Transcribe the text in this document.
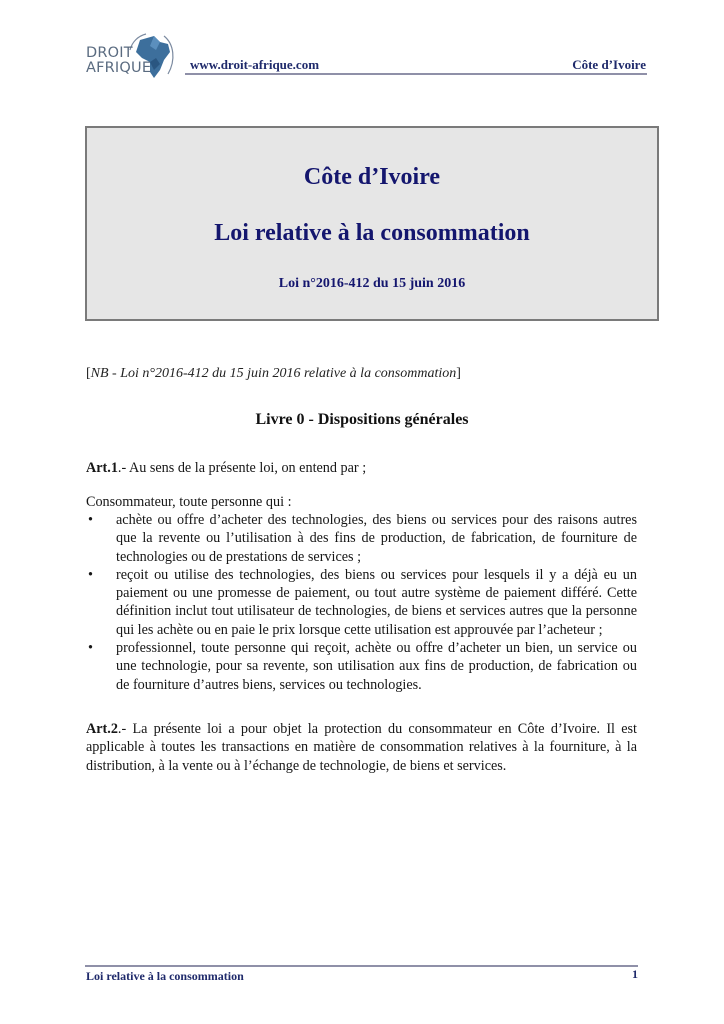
DROIT
AFRIQUE	www.droit-afrique.com	Côte d’Ivoire
Côte d’Ivoire
Loi relative à la consommation
Loi n°2016-412 du 15 juin 2016
[NB - Loi n°2016-412 du 15 juin 2016 relative à la consommation]
Livre 0 - Dispositions générales
Art.1.- Au sens de la présente loi, on entend par ;
Consommateur, toute personne qui :
• achète ou offre d’acheter des technologies, des biens ou services pour des raisons autres que la revente ou l’utilisation à des fins de production, de fabrication, de fourniture de technologies ou de prestations de services ;
• reçoit ou utilise des technologies, des biens ou services pour lesquels il y a déjà eu un paiement ou une promesse de paiement, ou tout autre système de paiement différé. Cette définition inclut tout utilisateur de technologies, de biens et services autres que la personne qui les achète ou en paie le prix lorsque cette utilisation est approuvée par l’acheteur ;
• professionnel, toute personne qui reçoit, achète ou offre d’acheter un bien, un service ou une technologie, pour sa revente, son utilisation aux fins de production, de fabrication ou de fourniture d’autres biens, services ou technologies.
Art.2.- La présente loi a pour objet la protection du consommateur en Côte d’Ivoire. Il est applicable à toutes les transactions en matière de consommation relatives à la fourniture, à la distribution, à la vente ou à l’échange de technologie, de biens et services.
Loi relative à la consommation	1
